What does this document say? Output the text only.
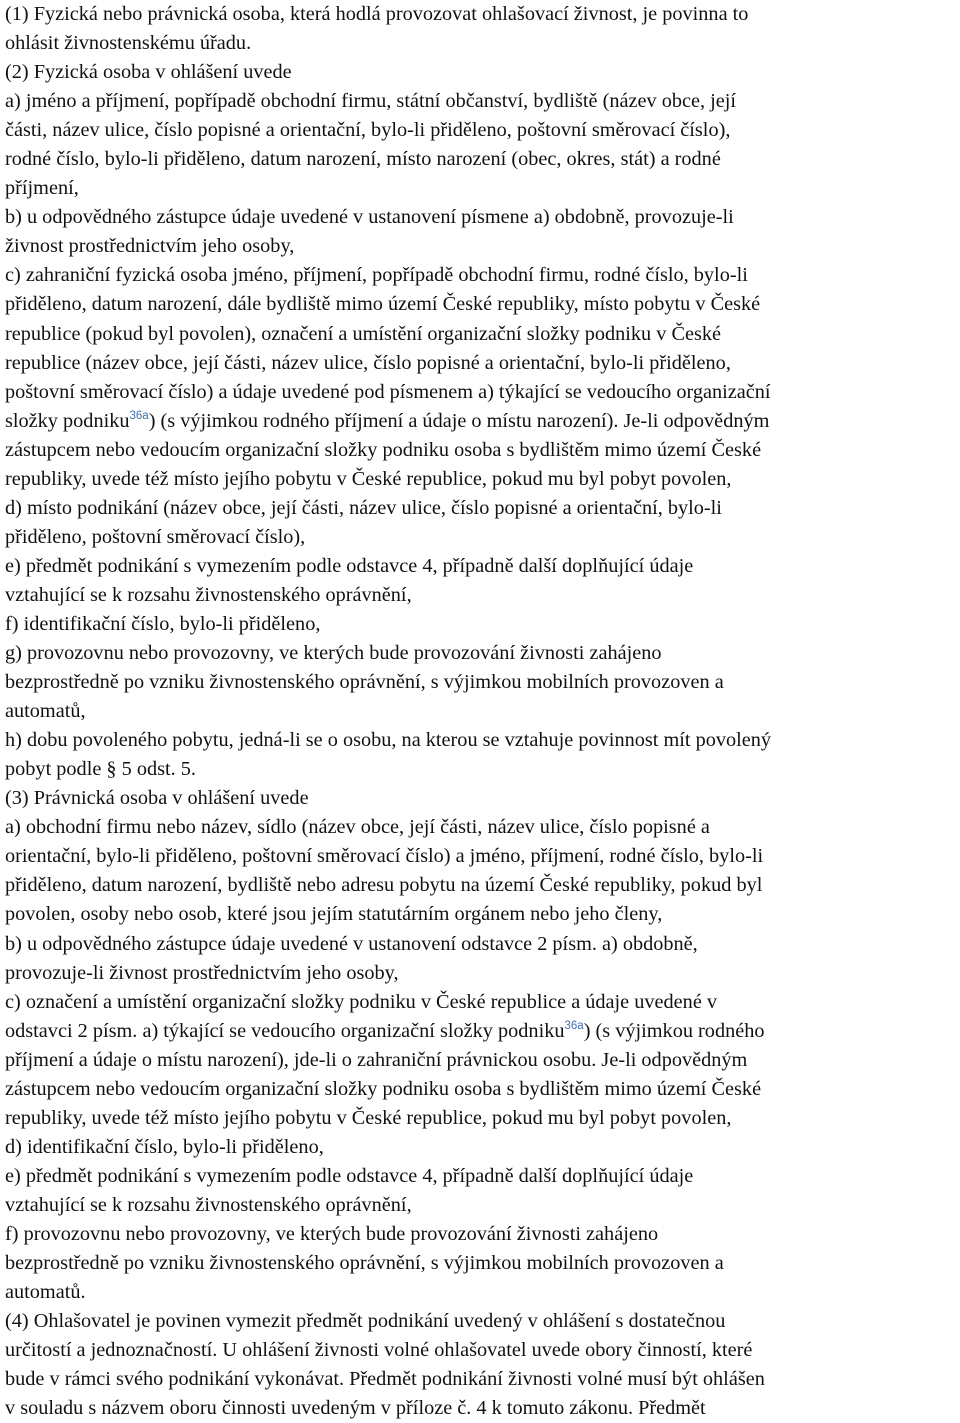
(1) Fyzická nebo právnická osoba, která hodlá provozovat ohlašovací živnost, je povinna to
ohlásit živnostenskému úřadu.
(2) Fyzická osoba v ohlášení uvede
a) jméno a příjmení, popřípadě obchodní firmu, státní občanství, bydliště (název obce, její
části, název ulice, číslo popisné a orientační, bylo-li přiděleno, poštovní směrovací číslo),
rodné číslo, bylo-li přiděleno, datum narození, místo narození (obec, okres, stát) a rodné
příjmení,
b) u odpovědného zástupce údaje uvedené v ustanovení písmene a) obdobně, provozuje-li
živnost prostřednictvím jeho osoby,
c) zahraniční fyzická osoba jméno, příjmení, popřípadě obchodní firmu, rodné číslo, bylo-li
přiděleno, datum narození, dále bydliště mimo území České republiky, místo pobytu v České
republice (pokud byl povolen), označení a umístění organizační složky podniku v České
republice (název obce, její části, název ulice, číslo popisné a orientační, bylo-li přiděleno,
poštovní směrovací číslo) a údaje uvedené pod písmenem a) týkající se vedoucího organizační
složky podniku$^{36a}$) (s výjimkou rodného příjmení a údaje o místu narození). Je-li odpovědným
zástupcem nebo vedoucím organizační složky podniku osoba s bydlištěm mimo území České
republiky, uvede též místo jejího pobytu v České republice, pokud mu byl pobyt povolen,
d) místo podnikání (název obce, její části, název ulice, číslo popisné a orientační, bylo-li
přiděleno, poštovní směrovací číslo),
e) předmět podnikání s vymezením podle odstavce 4, případně další doplňující údaje
vztahující se k rozsahu živnostenského oprávnění,
f) identifikační číslo, bylo-li přiděleno,
g) provozovnu nebo provozovny, ve kterých bude provozování živnosti zahájeno
bezprostředně po vzniku živnostenského oprávnění, s výjimkou mobilních provozoven a
automatů,
h) dobu povoleného pobytu, jedná-li se o osobu, na kterou se vztahuje povinnost mít povolený
pobyt podle § 5 odst. 5.
(3) Právnická osoba v ohlášení uvede
a) obchodní firmu nebo název, sídlo (název obce, její části, název ulice, číslo popisné a
orientační, bylo-li přiděleno, poštovní směrovací číslo) a jméno, příjmení, rodné číslo, bylo-li
přiděleno, datum narození, bydliště nebo adresu pobytu na území České republiky, pokud byl
povolen, osoby nebo osob, které jsou jejím statutárním orgánem nebo jeho členy,
b) u odpovědného zástupce údaje uvedené v ustanovení odstavce 2 písm. a) obdobně,
provozuje-li živnost prostřednictvím jeho osoby,
c) označení a umístění organizační složky podniku v České republice a údaje uvedené v
odstavci 2 písm. a) týkající se vedoucího organizační složky podniku$^{36a}$) (s výjimkou rodného
příjmení a údaje o místu narození), jde-li o zahraniční právnickou osobu. Je-li odpovědným
zástupcem nebo vedoucím organizační složky podniku osoba s bydlištěm mimo území České
republiky, uvede též místo jejího pobytu v České republice, pokud mu byl pobyt povolen,
d) identifikační číslo, bylo-li přiděleno,
e) předmět podnikání s vymezením podle odstavce 4, případně další doplňující údaje
vztahující se k rozsahu živnostenského oprávnění,
f) provozovnu nebo provozovny, ve kterých bude provozování živnosti zahájeno
bezprostředně po vzniku živnostenského oprávnění, s výjimkou mobilních provozoven a
automatů.
(4) Ohlašovatel je povinen vymezit předmět podnikání uvedený v ohlášení s dostatečnou
určitostí a jednoznačností. U ohlášení živnosti volné ohlašovatel uvede obory činností, které
bude v rámci svého podnikání vykonávat. Předmět podnikání živnosti volné musí být ohlášen
v souladu s názvem oboru činnosti uvedeným v příloze č. 4 k tomuto zákonu. Předmět
